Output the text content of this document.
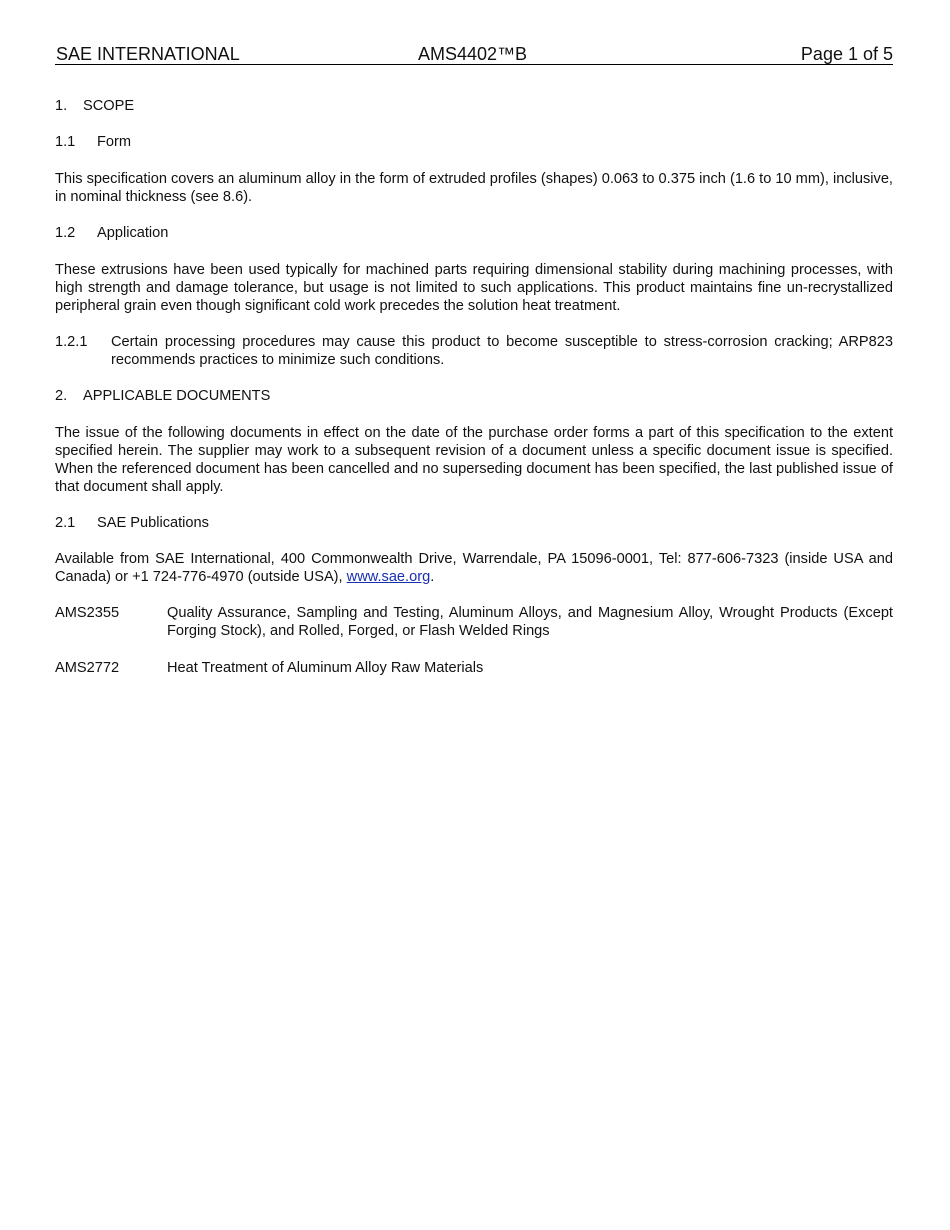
SAE INTERNATIONAL	AMS4402™B	Page 1 of 5
1. SCOPE
1.1 Form
This specification covers an aluminum alloy in the form of extruded profiles (shapes) 0.063 to 0.375 inch (1.6 to 10 mm), inclusive, in nominal thickness (see 8.6).
1.2 Application
These extrusions have been used typically for machined parts requiring dimensional stability during machining processes, with high strength and damage tolerance, but usage is not limited to such applications. This product maintains fine un-recrystallized peripheral grain even though significant cold work precedes the solution heat treatment.
1.2.1 Certain processing procedures may cause this product to become susceptible to stress-corrosion cracking; ARP823 recommends practices to minimize such conditions.
2. APPLICABLE DOCUMENTS
The issue of the following documents in effect on the date of the purchase order forms a part of this specification to the extent specified herein. The supplier may work to a subsequent revision of a document unless a specific document issue is specified. When the referenced document has been cancelled and no superseding document has been specified, the last published issue of that document shall apply.
2.1 SAE Publications
Available from SAE International, 400 Commonwealth Drive, Warrendale, PA 15096-0001, Tel: 877-606-7323 (inside USA and Canada) or +1 724-776-4970 (outside USA), www.sae.org.
AMS2355	Quality Assurance, Sampling and Testing, Aluminum Alloys, and Magnesium Alloy, Wrought Products (Except Forging Stock), and Rolled, Forged, or Flash Welded Rings
AMS2772	Heat Treatment of Aluminum Alloy Raw Materials
